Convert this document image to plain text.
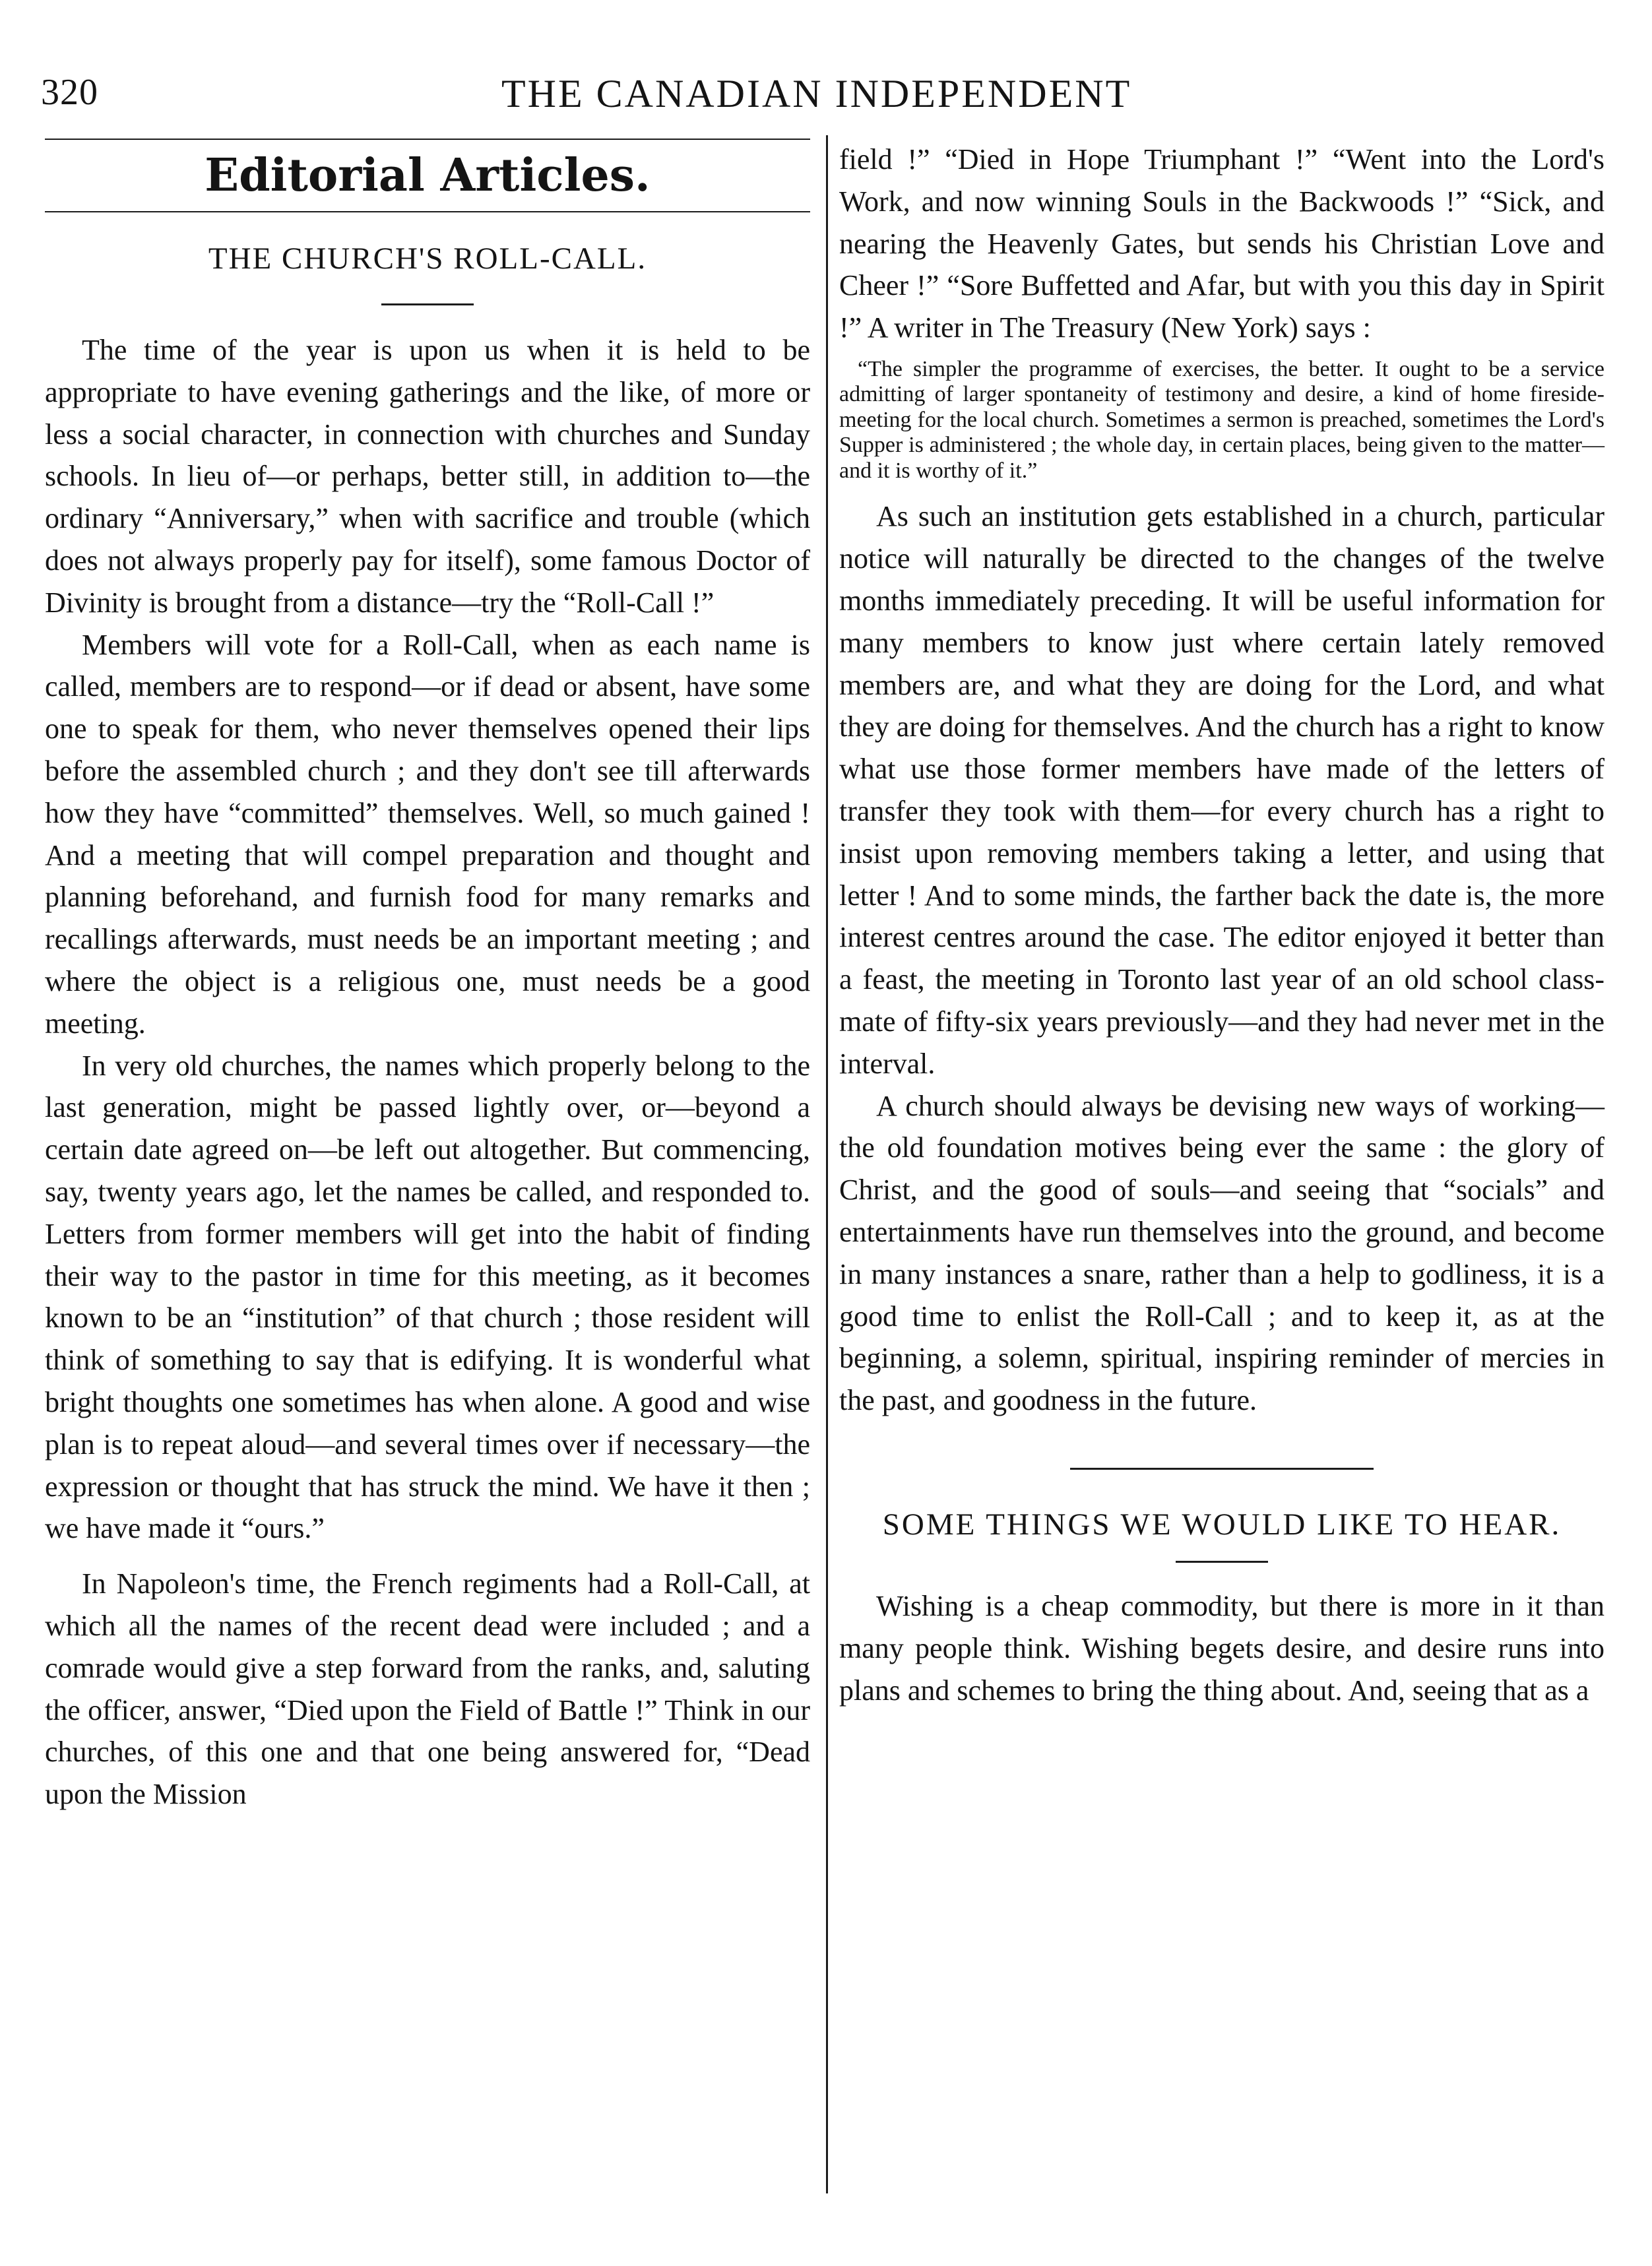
320	THE CANADIAN INDEPENDENT
Editorial Articles.
THE CHURCH'S ROLL-CALL.

The time of the year is upon us when it is held to be appropriate to have evening gatherings and the like, of more or less a social character, in connection with churches and Sunday schools. In lieu of—or perhaps, better still, in addition to—the ordinary “Anniversary,” when with sacrifice and trouble (which does not always properly pay for itself), some famous Doctor of Divinity is brought from a distance—try the “Roll-Call !”

Members will vote for a Roll-Call, when as each name is called, members are to respond—or if dead or absent, have some one to speak for them, who never themselves opened their lips before the assembled church ; and they don't see till afterwards how they have “committed” themselves. Well, so much gained ! And a meeting that will compel preparation and thought and planning beforehand, and furnish food for many remarks and recallings afterwards, must needs be an important meeting ; and where the object is a religious one, must needs be a good meeting.

In very old churches, the names which properly belong to the last generation, might be passed lightly over, or—beyond a certain date agreed on—be left out altogether. But commencing, say, twenty years ago, let the names be called, and responded to. Letters from former members will get into the habit of finding their way to the pastor in time for this meeting, as it becomes known to be an “institution” of that church ; those resident will think of something to say that is edifying. It is wonderful what bright thoughts one sometimes has when alone. A good and wise plan is to repeat aloud—and several times over if necessary—the expression or thought that has struck the mind. We have it then ; we have made it “ours.”

In Napoleon's time, the French regiments had a Roll-Call, at which all the names of the recent dead were included ; and a comrade would give a step forward from the ranks, and, saluting the officer, answer, “Died upon the Field of Battle !” Think in our churches, of this one and that one being answered for, “Dead upon the Mission

field !” “Died in Hope Triumphant !” “Went into the Lord's Work, and now winning Souls in the Backwoods !” “Sick, and nearing the Heavenly Gates, but sends his Christian Love and Cheer !” “Sore Buffetted and Afar, but with you this day in Spirit !” A writer in The Treasury (New York) says :

“The simpler the programme of exercises, the better. It ought to be a service admitting of larger spontaneity of testimony and desire, a kind of home fireside-meeting for the local church. Sometimes a sermon is preached, sometimes the Lord's Supper is administered ; the whole day, in certain places, being given to the matter—and it is worthy of it.”

As such an institution gets established in a church, particular notice will naturally be directed to the changes of the twelve months immediately preceding. It will be useful information for many members to know just where certain lately removed members are, and what they are doing for the Lord, and what they are doing for themselves. And the church has a right to know what use those former members have made of the letters of transfer they took with them—for every church has a right to insist upon removing members taking a letter, and using that letter ! And to some minds, the farther back the date is, the more interest centres around the case. The editor enjoyed it better than a feast, the meeting in Toronto last year of an old school class-mate of fifty-six years previously—and they had never met in the interval.

A church should always be devising new ways of working—the old foundation motives being ever the same : the glory of Christ, and the good of souls—and seeing that “socials” and entertainments have run themselves into the ground, and become in many instances a snare, rather than a help to godliness, it is a good time to enlist the Roll-Call ; and to keep it, as at the beginning, a solemn, spiritual, inspiring reminder of mercies in the past, and goodness in the future.

SOME THINGS WE WOULD LIKE TO HEAR.

Wishing is a cheap commodity, but there is more in it than many people think. Wishing begets desire, and desire runs into plans and schemes to bring the thing about. And, seeing that as a
